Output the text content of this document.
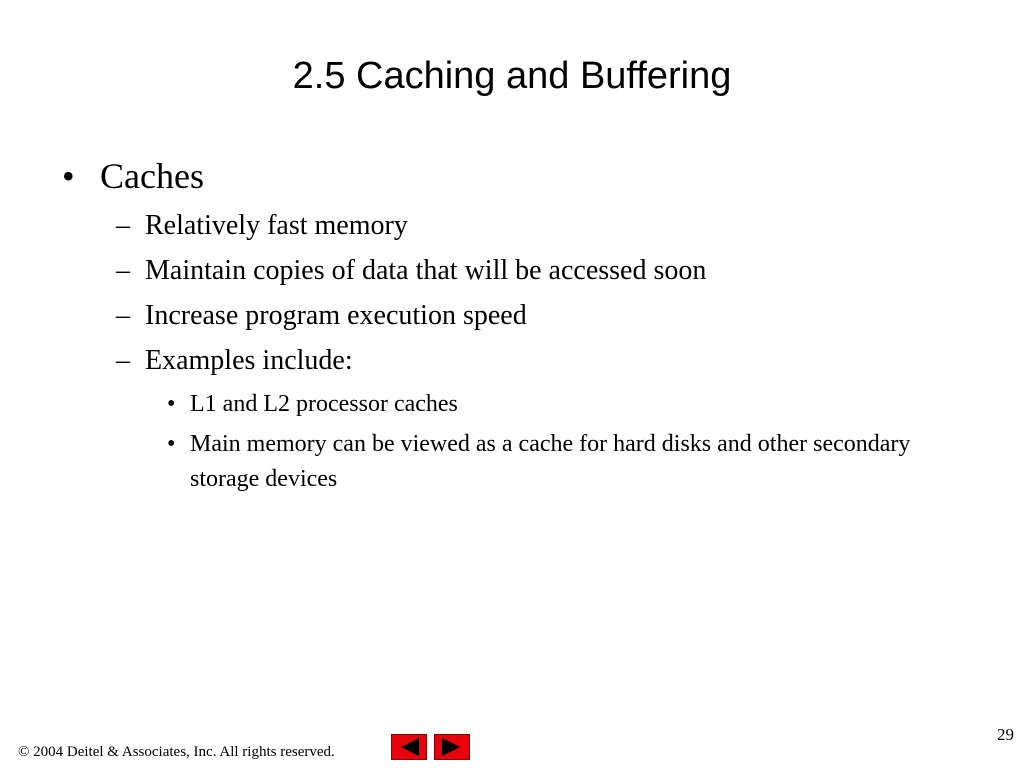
2.5 Caching and Buffering
• Caches
– Relatively fast memory
– Maintain copies of data that will be accessed soon
– Increase program execution speed
– Examples include:
• L1 and L2 processor caches
• Main memory can be viewed as a cache for hard disks and other secondary storage devices
29
© 2004 Deitel & Associates, Inc. All rights reserved.
